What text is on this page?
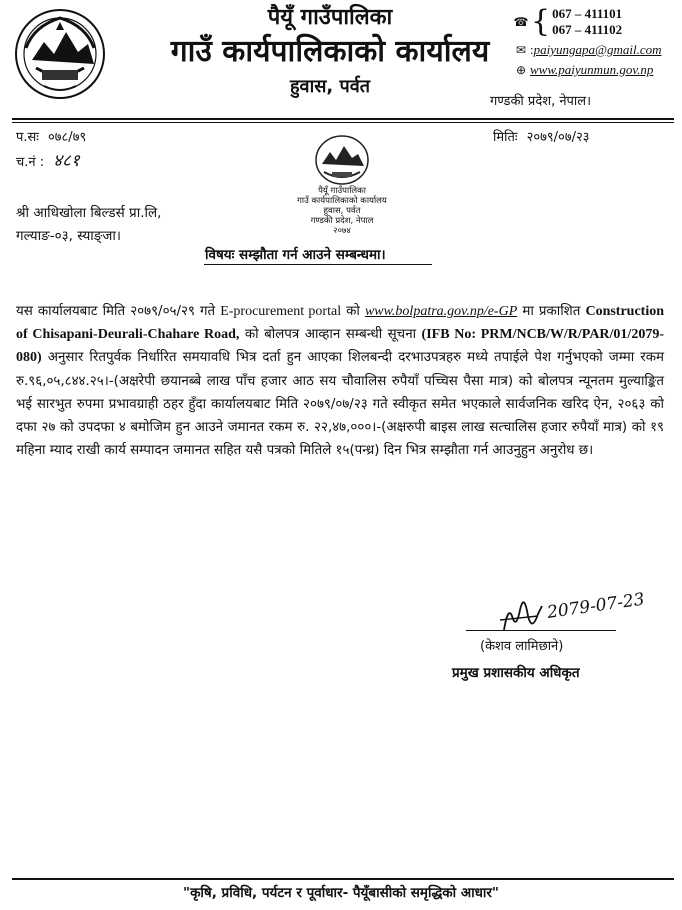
पैयूँ गाउँपालिका
गाउँ कार्यपालिकाको कार्यालय
हुवास, पर्वत
☎ { 067 – 411101
067 – 411102
✉ : paiyungapa@gmail.com
⊕ www.paiyunmun.gov.np
गण्डकी प्रदेश, नेपाल।
प.सः ०७८/७९
च.नं : ४८१
मितिः २०७९/०७/२३
पैयूँ गाउँपालिका
गाउँ कार्यपालिकाको कार्यालय
हुवास, पर्वत
गण्डकी प्रदेश, नेपाल
२०७४
श्री आधिखोला बिल्डर्स प्रा.लि,
गल्याङ-०३, स्याङ्जा।
विषयः सम्झौता गर्न आउने सम्बन्धमा।
यस कार्यालयबाट मिति २०७९/०५/२९ गते E-procurement portal को www.bolpatra.gov.np/e-GP मा प्रकाशित Construction of Chisapani-Deurali-Chahare Road, को बोलपत्र आव्हान सम्बन्धी सूचना (IFB No: PRM/NCB/W/R/PAR/01/2079-080) अनुसार रितपुर्वक निर्धारित समयावधि भित्र दर्ता हुन आएका शिलबन्दी दरभाउपत्रहरु मध्ये तपाईले पेश गर्नुभएको जम्मा रकम रु.९६,०५,८४४.२५।-(अक्षरेपी छयानब्बे लाख पाँच हजार आठ सय चौवालिस रुपैयाँ पच्चिस पैसा मात्र) को बोलपत्र न्यूनतम मुल्याङ्कित भई सारभुत रुपमा प्रभावग्राही ठहर हुँदा कार्यालयबाट मिति २०७९/०७/२३ गते स्वीकृत समेत भएकाले सार्वजनिक खरिद ऐन, २०६३ को दफा २७ को उपदफा ४ बमोजिम हुन आउने जमानत रकम रु. २२,४७,०००।-(अक्षरुपी बाइस लाख सत्चालिस हजार रुपैयाँ मात्र) को १९ महिना म्याद राखी कार्य सम्पादन जमानत सहित यसै पत्रको मितिले १५(पन्ध्र) दिन भित्र सम्झौता गर्न आउनुहुन अनुरोध छ।
2079-07-23
(केशव लामिछाने)
प्रमुख प्रशासकीय अधिकृत
"कृषि, प्रविधि, पर्यटन र पूर्वाधार- पैयूँबासीको समृद्धिको आधार"
